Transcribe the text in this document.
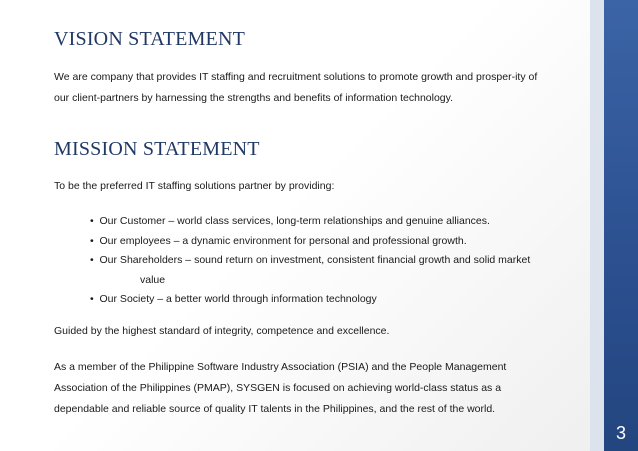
3
VISION STATEMENT

We are company that provides IT staffing and recruitment solutions to promote growth and prosper-ity of our client-partners by harnessing the strengths and benefits of information technology.

MISSION STATEMENT

To be the preferred IT staffing solutions partner by providing:

•  Our Customer – world class services, long-term relationships and genuine alliances.
•  Our employees – a dynamic environment for personal and professional growth.
•  Our Shareholders – sound return on investment, consistent financial growth and solid marketvalue
•  Our Society – a better world through information technology

Guided by the highest standard of integrity, competence and excellence.

As a member of the Philippine Software Industry Association (PSIA) and the People Management Association of the Philippines (PMAP), SYSGEN is focused on achieving world-class status as a dependable and reliable source of quality IT talents in the Philippines, and the rest of the world.
